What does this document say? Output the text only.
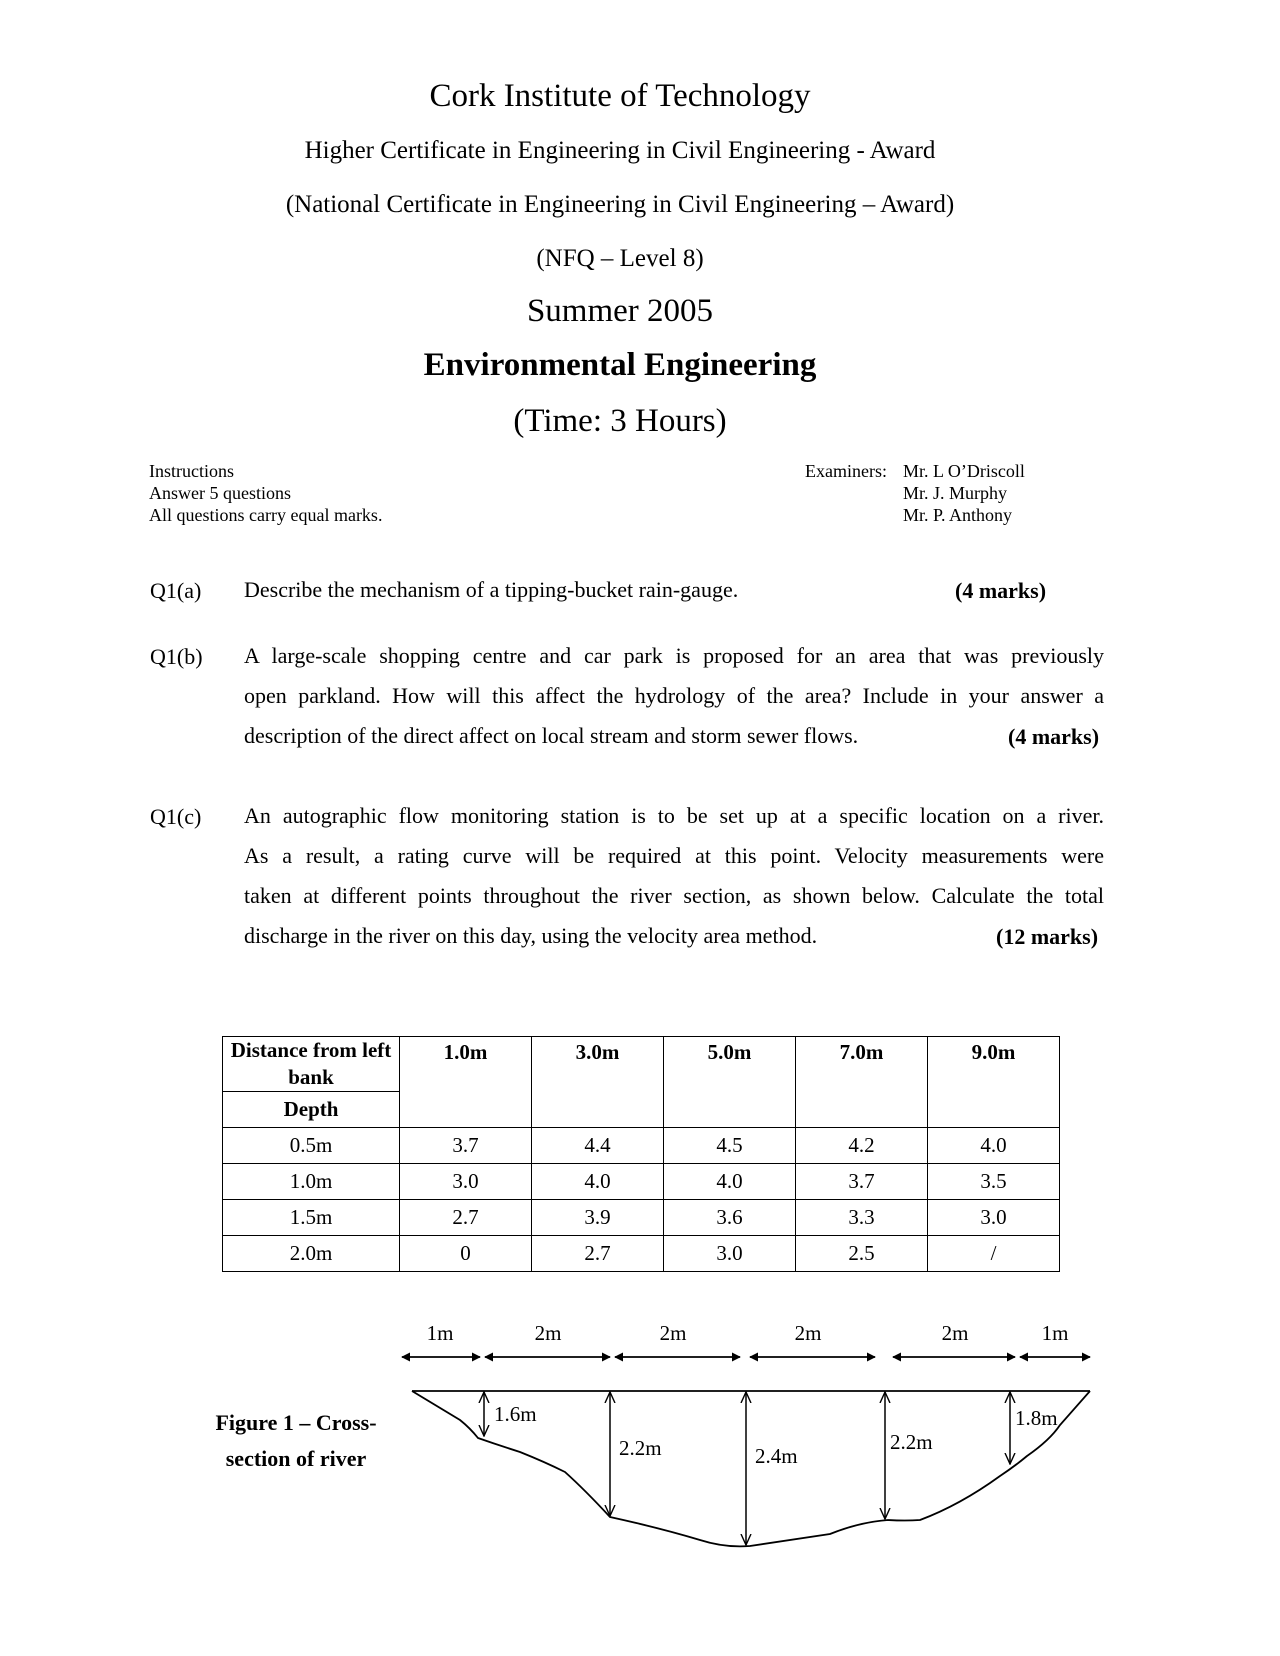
Cork Institute of Technology
Higher Certificate in Engineering in Civil Engineering - Award
(National Certificate in Engineering in Civil Engineering – Award)
(NFQ – Level 8)
Summer 2005
Environmental Engineering
(Time: 3 Hours)
Instructions
Answer 5 questions
All questions carry equal marks.
Examiners: Mr. L O’Driscoll
Mr. J. Murphy
Mr. P. Anthony
Q1(a) Describe the mechanism of a tipping-bucket rain-gauge.	(4 marks)
Q1(b) A large-scale shopping centre and car park is proposed for an area that was previously
open parkland. How will this affect the hydrology of the area? Include in your answer a
description of the direct affect on local stream and storm sewer flows.	(4 marks)
Q1(c) An autographic flow monitoring station is to be set up at a specific location on a river.
As a result, a rating curve will be required at this point. Velocity measurements were
taken at different points throughout the river section, as shown below. Calculate the total
discharge in the river on this day, using the velocity area method.	(12 marks)
Distance from left bank	1.0m	3.0m	5.0m	7.0m	9.0m
Depth					
0.5m	3.7	4.4	4.5	4.2	4.0
1.0m	3.0	4.0	4.0	3.7	3.5
1.5m	2.7	3.9	3.6	3.3	3.0
2.0m	0	2.7	3.0	2.5	/
Figure 1 – Cross-
section of river
1m	2m	2m	2m	2m	1m
1.6m
2.2m	2.4m
2.2m
1.8m
